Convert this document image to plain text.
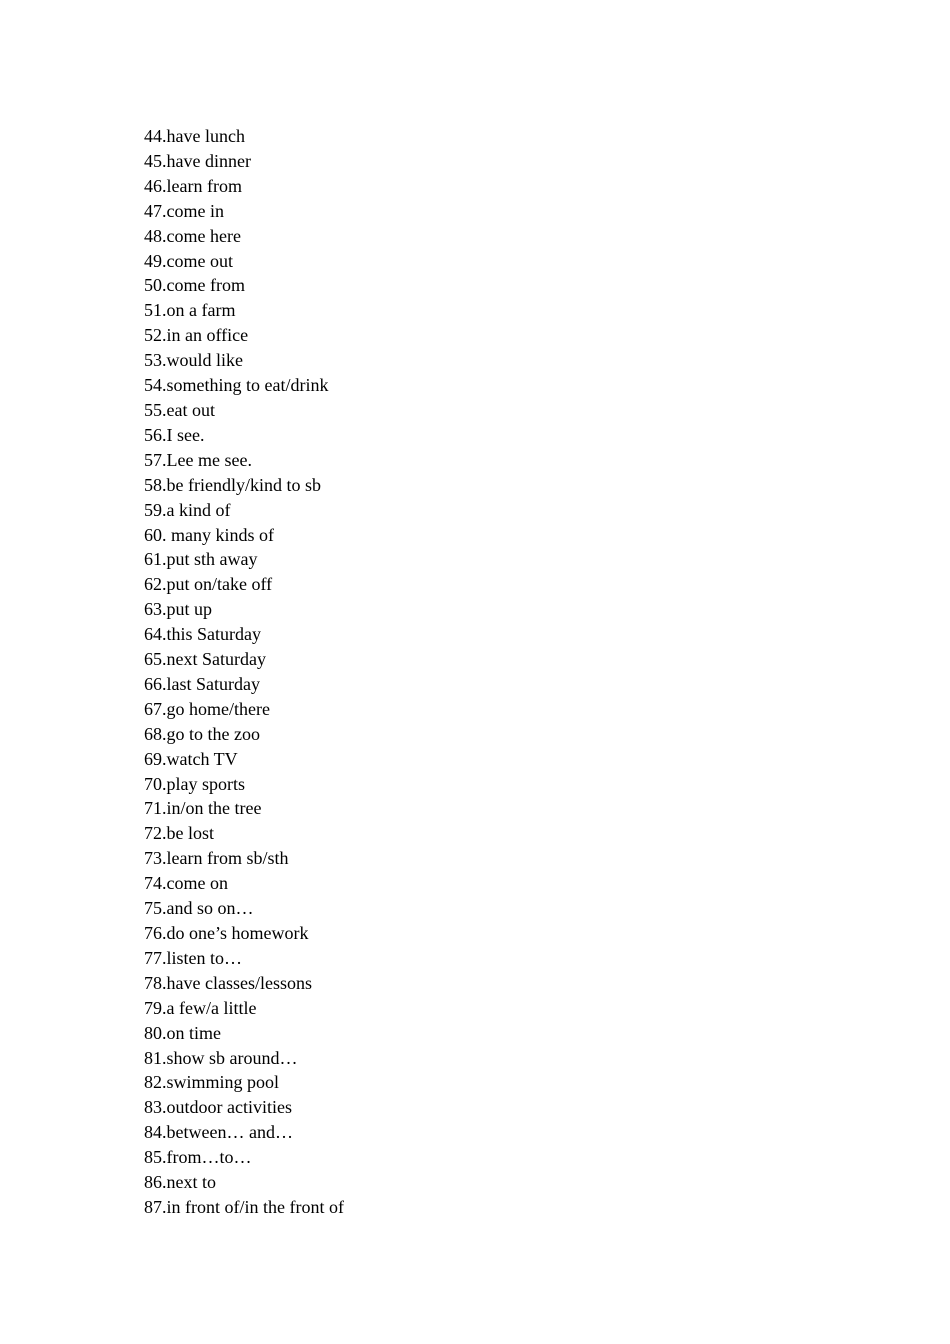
44.have lunch
45.have dinner
46.learn from
47.come in
48.come here
49.come out
50.come from
51.on a farm
52.in an office
53.would like
54.something to eat/drink
55.eat out
56.I see.
57.Lee me see.
58.be friendly/kind to sb
59.a kind of
60. many kinds of
61.put sth away
62.put on/take off
63.put up
64.this Saturday
65.next Saturday
66.last Saturday
67.go home/there
68.go to the zoo
69.watch TV
70.play sports
71.in/on the tree
72.be lost
73.learn from sb/sth
74.come on
75.and so on…
76.do one’s homework
77.listen to…
78.have classes/lessons
79.a few/a little
80.on time
81.show sb around…
82.swimming pool
83.outdoor activities
84.between… and…
85.from…to…
86.next to
87.in front of/in the front of
